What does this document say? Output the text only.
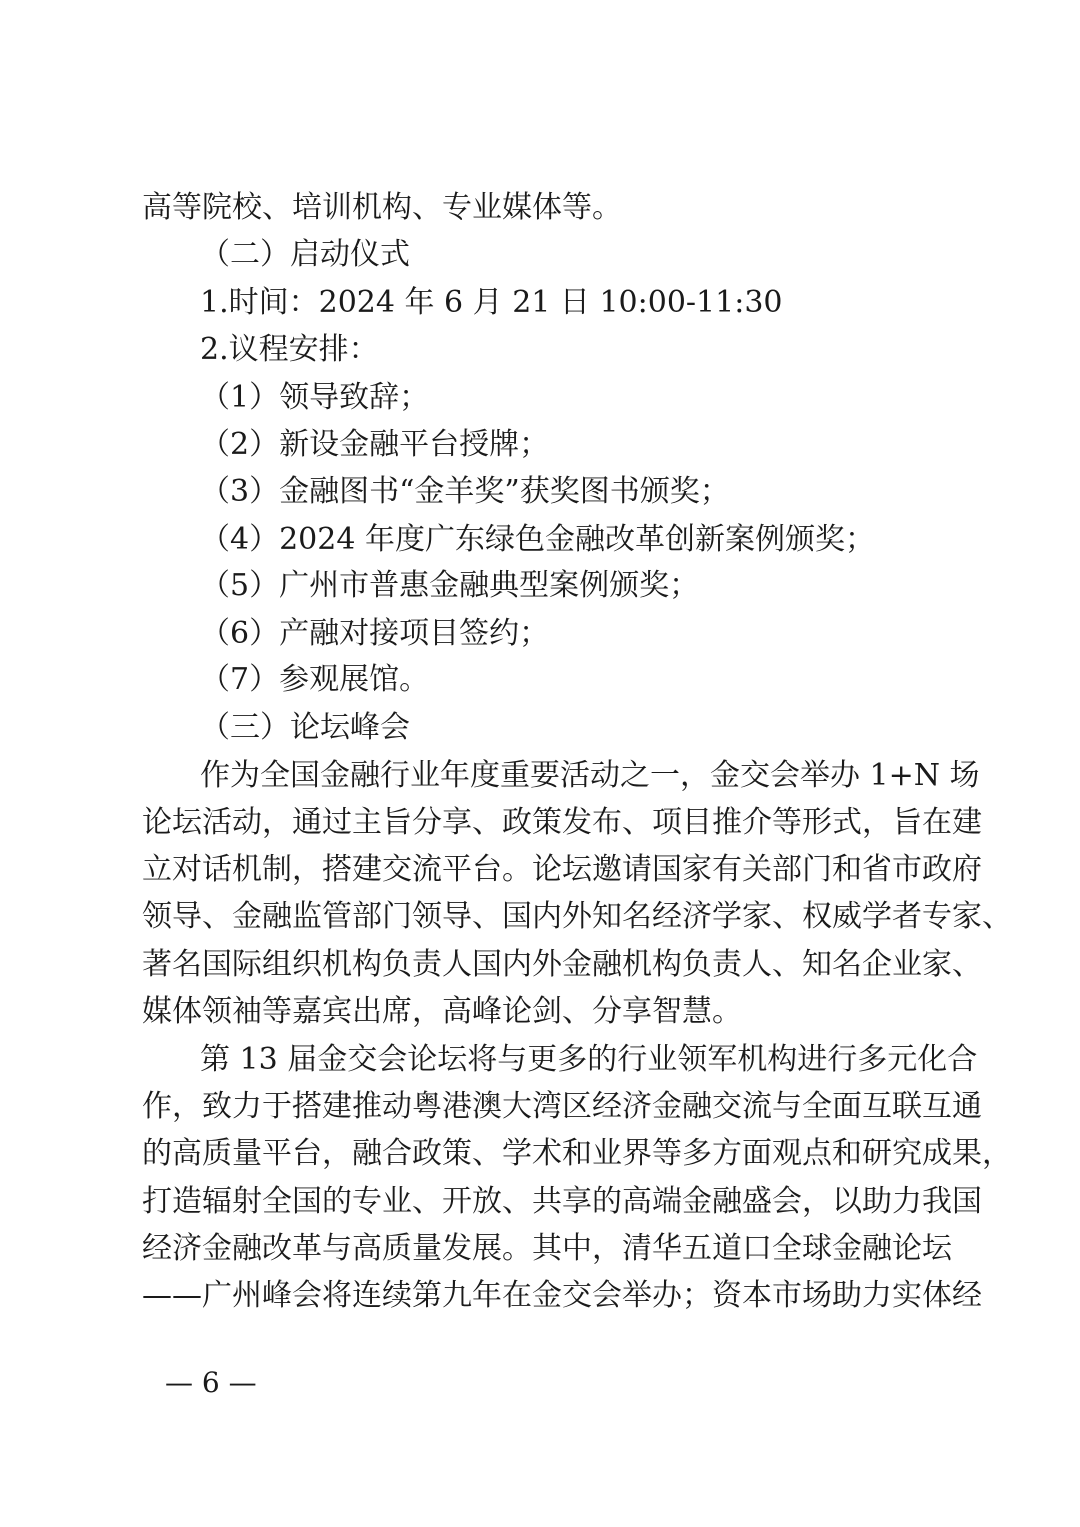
高等院校、培训机构、专业媒体等。
（二）启动仪式
1.时间：2024 年 6 月 21 日 10:00-11:30
2.议程安排：
（1）领导致辞；
（2）新设金融平台授牌；
（3）金融图书“金羊奖”获奖图书颁奖；
（4）2024 年度广东绿色金融改革创新案例颁奖；
（5）广州市普惠金融典型案例颁奖；
（6）产融对接项目签约；
（7）参观展馆。
（三）论坛峰会
作为全国金融行业年度重要活动之一，金交会举办 1+N 场
论坛活动，通过主旨分享、政策发布、项目推介等形式，旨在建
立对话机制，搭建交流平台。论坛邀请国家有关部门和省市政府
领导、金融监管部门领导、国内外知名经济学家、权威学者专家、
著名国际组织机构负责人国内外金融机构负责人、知名企业家、
媒体领袖等嘉宾出席，高峰论剑、分享智慧。
第 13 届金交会论坛将与更多的行业领军机构进行多元化合
作，致力于搭建推动粤港澳大湾区经济金融交流与全面互联互通
的高质量平台，融合政策、学术和业界等多方面观点和研究成果，
打造辐射全国的专业、开放、共享的高端金融盛会，以助力我国
经济金融改革与高质量发展。其中，清华五道口全球金融论坛
——广州峰会将连续第九年在金交会举办；资本市场助力实体经
— 6 —
